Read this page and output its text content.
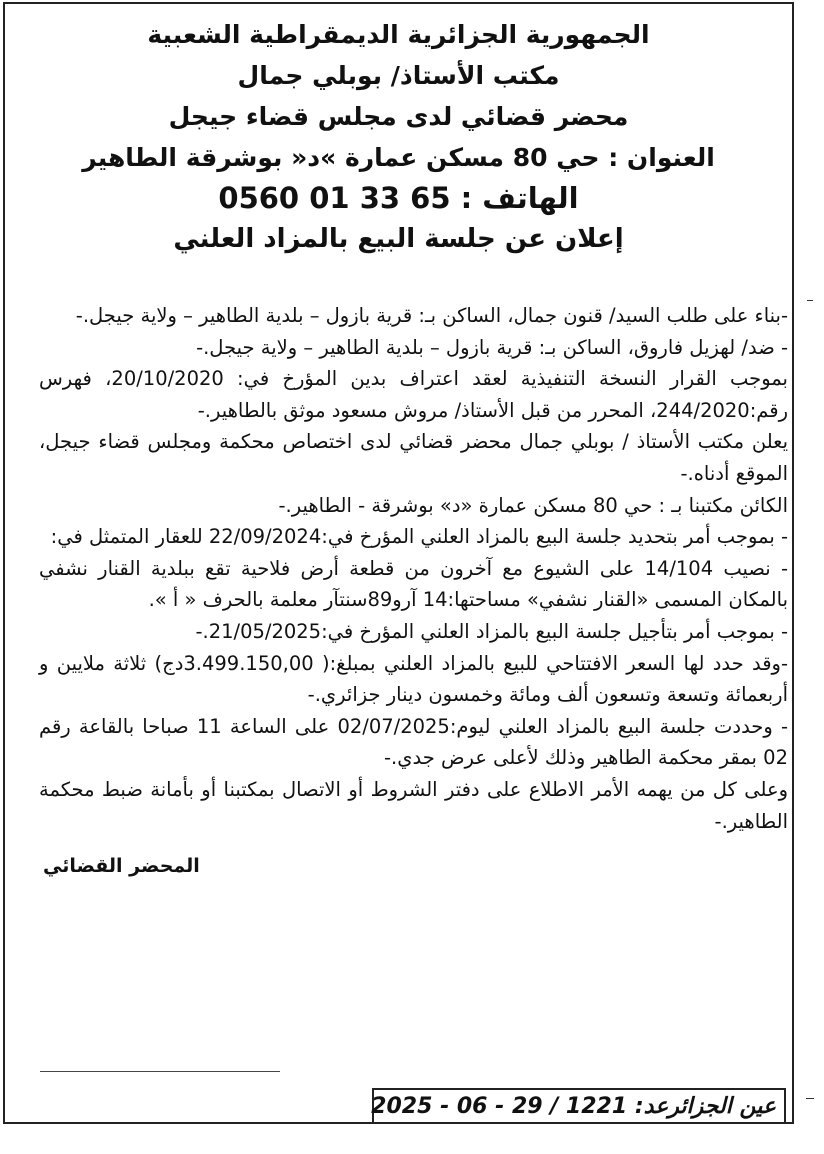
الجمهورية الجزائرية الديمقراطية الشعبية
مكتب الأستاذ/ بوبلي جمال
محضر قضائي لدى مجلس قضاء جيجل
العنوان : حي 80 مسكن عمارة »د« بوشرقة الطاهير
الهاتف : 65 33 01 0560
إعلان عن جلسة البيع بالمزاد العلني

-بناء على طلب السيد/ قنون جمال، الساكن بـ: قرية بازول – بلدية الطاهير – ولاية جيجل.-

- ضد/ لهزيل فاروق، الساكن بـ: قرية بازول – بلدية الطاهير – ولاية جيجل.-

بموجب القرار النسخة التنفيذية لعقد اعتراف بدين المؤرخ في: 20/10/2020، فهرس رقم:244/2020، المحرر من قبل الأستاذ/ مروش مسعود موثق بالطاهير.-

يعلن مكتب الأستاذ / بوبلي جمال محضر قضائي لدى اختصاص محكمة ومجلس قضاء جيجل، الموقع أدناه.-

الكائن مكتبنا بـ : حي 80 مسكن عمارة «د» بوشرقة - الطاهير.-

- بموجب أمر بتحديد جلسة البيع بالمزاد العلني المؤرخ في:22/09/2024 للعقار المتمثل في:

- نصيب 14/104 على الشيوع مع آخرون من قطعة أرض فلاحية تقع ببلدية القنار نشفي بالمكان المسمى «القنار نشفي» مساحتها:14 آرو89سنتآر معلمة بالحرف « أ ».

- بموجب أمر بتأجيل جلسة البيع بالمزاد العلني المؤرخ في:21/05/2025.-

-وقد حدد لها السعر الافتتاحي للبيع بالمزاد العلني بمبلغ:( 3.499.150,00دج) ثلاثة ملايين و أربعمائة وتسعة وتسعون ألف ومائة وخمسون دينار جزائري.-

- وحددت جلسة البيع بالمزاد العلني ليوم:02/07/2025 على الساعة 11 صباحا بالقاعة رقم 02 بمقر محكمة الطاهير وذلك لأعلى عرض جدي.-

وعلى كل من يهمه الأمر الاطلاع على دفتر الشروط أو الاتصال بمكتبنا أو بأمانة ضبط محكمة الطاهير.-

المحضر القضائي

عين الجزائرعد: 1221 / 29 - 06 - 2025
